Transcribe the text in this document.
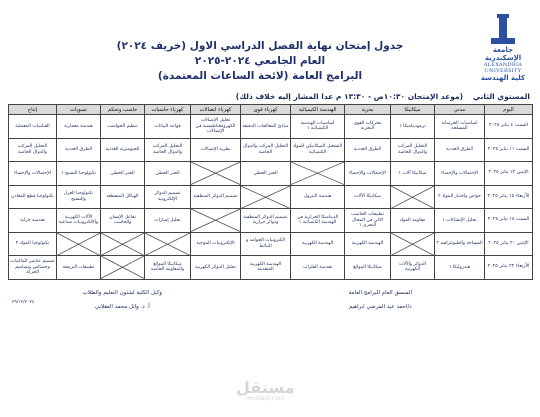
جدول إمتحان نهاية الفصل الدراسي الاول (خريف ٢٠٢٤)
العام الجامعي ٢٠٢٤-٢٠٢٥
البرامج العامة (لائحة الساعات المعتمدة)
جامعة الإسكندرية
ALEXANDRIA
UNIVERSITY
كلية الهندسة
المستوي الثاني
(موعد الإمتحان ١٠:٣٠ص - ١٣:٣٠ م عدا المشار إليه خلاف ذلك)
اليوم	مدني	ميكانيكا	بحرية	الهندسة الكيميائية	كهرباء قوى	كهرباء اتصالات	كهرباء حاسبات	حاسب وتحكم	تسويات	إنتاج
السبت ٤ يناير ٢٠٢٥	اساسيات الخرسانة المسلحة	ثرموديناميكا ١	محركات القوى البحرية	أساسيات الهندسة الكيميائية ١	مبادئ المعالجات الدقيقة	تحليل الإتصالات الكهرومغناطيسية في الإتصالات	قواعد البيانات	تنظيم الحواسب	هندسة معمارية	القياسات المعملية
السبت ١١ يناير ٢٠٢٥	الطرق العددية	التحليل المركب والدوال الخاصة	الطرق العددية	التشغيل الميكانيكي للمواد الكيميائية	التحليل المركب والدوال الخاصة	نظرية الإتصالات	التحليل المركب والدوال الخاصة	الجيومترية العددية	الطرق العددية	التحليل المركب والدوال الخاصة
الإثنين ١٣ يناير ٢٠٢٥	الإحتمالات والإحصاء	ميكانيكا آلات ١	الإحتمالات والإحصاء		الجبر الخطي		الجبر الخطي	الجبر الخطي	تكنولوجيا التسيج ١	الإحتمالات والإحصاء
الأربعاء ١٥ يناير ٢٠٢٥	خواص واختبار المواد ٢		ميكانيكا الآلات	هندسة البترول		تصميم الدوائر المنطقية	تصميم الدوائر الإلكترونية	الهياكل المتقطعة	تكنولوجيا الغزل والتسيج	تكنولوجيا قطع المعادن
السبت ١٨ يناير ٢٠٢٥	تحليل الإنشاءات ١	مقاومة المواد	تطبيقات الحاسب الالي في المجال البحري ١	الديناميكا الحرارية في الهندسة الكيميائية ١	تصميم الدوائر المنطقية ودوائر حرارية		تحليل إشارات	تفاعل الإنسان والحاسب	الآلات الكهربية والالكترونيات صناعية	هندسة جراية
الإثنين ٢٠ يناير ٢٠٢٥	المساحة والطبوغرافيه ٢		الهندسة الكهربية	الهندسة الكهربية	الكترونيات الجوامد و النبائط	الإلكترونيات الموجية				تكنولوجيا المواد ٢
الأربعاء ٢٢ يناير ٢٠٢٥	هيدروليكا ١	الدوائر والآلات الكهربية	ميكانيكا الموائع	هندسة الفلزات	الهندسة الكهربية المتقدمة	تحليل الدوائر الكهربية	ميكانيكا الموائع والمقاومة الخاصة		تطبيقات البرمجة	تصميم عناصر الماكينات وخصائص وتصاميم الحركة
المنسق العام للبرامج العامة
د/احمد عبد المرضي ابراهيم
وكيل الكلية لشئون التعليم والطلاب
أ. د. وائل محمد العقلاني
٢٩/١٢/٢٠٢٤
مستقل
mostaql.com
